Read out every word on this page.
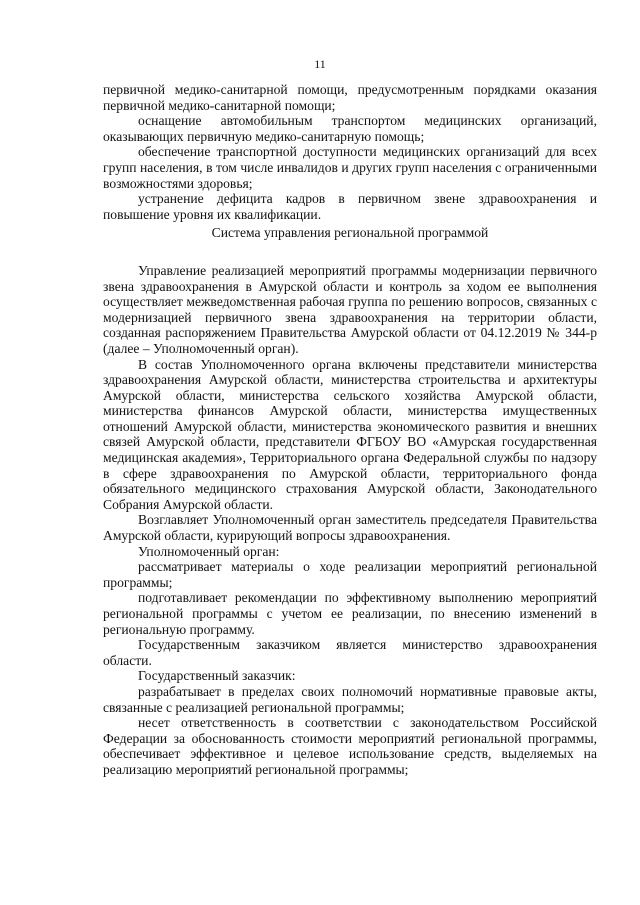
11

первичной медико-санитарной помощи, предусмотренным порядками оказания первичной медико-санитарной помощи;

оснащение автомобильным транспортом медицинских организаций, оказывающих первичную медико-санитарную помощь;

обеспечение транспортной доступности медицинских организаций для всех групп населения, в том числе инвалидов и других групп населения с ограниченными возможностями здоровья;

устранение дефицита кадров в первичном звене здравоохранения и повышение уровня их квалификации.

Система управления региональной программой

Управление реализацией мероприятий программы модернизации первичного звена здравоохранения в Амурской области и контроль за ходом ее выполнения осуществляет межведомственная рабочая группа по решению вопросов, связанных с модернизацией первичного звена здравоохранения на территории области, созданная распоряжением Правительства Амурской области от 04.12.2019 № 344-р (далее – Уполномоченный орган).

В состав Уполномоченного органа включены представители министерства здравоохранения Амурской области, министерства строительства и архитектуры Амурской области, министерства сельского хозяйства Амурской области, министерства финансов Амурской области, министерства имущественных отношений Амурской области, министерства экономического развития и внешних связей Амурской области, представители ФГБОУ ВО «Амурская государственная медицинская академия», Территориального органа Федеральной службы по надзору в сфере здравоохранения по Амурской области, территориального фонда обязательного медицинского страхования Амурской области, Законодательного Собрания Амурской области.

Возглавляет Уполномоченный орган заместитель председателя Правительства Амурской области, курирующий вопросы здравоохранения.

Уполномоченный орган:

рассматривает материалы о ходе реализации мероприятий региональной программы;

подготавливает рекомендации по эффективному выполнению мероприятий региональной программы с учетом ее реализации, по внесению изменений в региональную программу.

Государственным заказчиком является министерство здравоохранения области.

Государственный заказчик:

разрабатывает в пределах своих полномочий нормативные правовые акты, связанные с реализацией региональной программы;

несет ответственность в соответствии с законодательством Российской Федерации за обоснованность стоимости мероприятий региональной программы, обеспечивает эффективное и целевое использование средств, выделяемых на реализацию мероприятий региональной программы;
